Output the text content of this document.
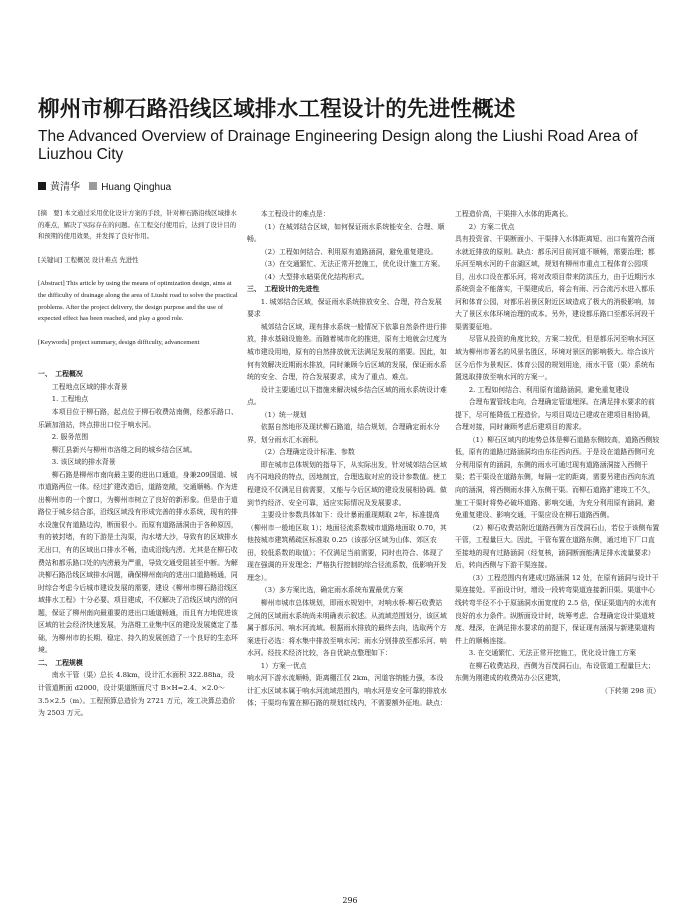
柳州市柳石路沿线区域排水工程设计的先进性概述
The Advanced Overview of Drainage Engineering Design along the Liushi Road Area of Liuzhou City
黄清华 Huang Qinghua

[摘　要] 本文通过采用优化设计方案的手段，针对柳石路沿线区域排水的难点，解决了实际存在的问题。在工程交付使用后，达到了设计目的和预期的使用效果，并发挥了良好作用。

[关键词] 工程概况 设计难点 先进性

[Abstract] This article by using the means of optimization design, aims at the difficulty of drainage along the area of Liushi road to solve the practical problems. After the project delivery, the design purpose and the use of expected effect has been reached, and play a good role.

[Keywords] project summary, design difficulty, advancement

一、　工程概况

工程地点区域的排水背景

1. 工程地点

本项目位于柳石路，起点位于柳石收费站南侧，经都乐路口、乐颖加油站，终点排出口位于响水河。

2. 服务范围

柳江县新兴与柳州市洛维之间的城乡结合区域。

3. 该区域的排水背景

柳石路是柳州市南向最主要的进出口通道，身兼209国道、城市道路两位一体。经过扩建改造后，道路宽敞，交通顺畅。作为进出柳州市的一个窗口，为柳州市树立了良好的新形象。但是由于道路位于城乡结合部，沿线区域没有形成完善的排水系统，现有的排水设施仅有道路边沟，断面很小。而原有道路涵洞由于各种原因，有的被封堵，有的下游是土沟渠，沟水堵大沙，导致有的区域排水无出口，有的区域出口排水不畅，造成沿线内涝。尤其是在柳石收费站和都乐路口处的内涝最为严重，导致交通受阻甚至中断。为解决柳石路沿线区域排水问题，确保柳州南向的进出口道路畅通，同时综合考虑今后城市建设发展的需要，建设《柳州市柳石路沿线区域排水工程》十分必要。项目建成，不仅解决了沿线区域内涝的问题，保证了柳州南向最重要的进出口通道畅通，而且有力地促进该区域的社会经济快速发展，为洛维工业集中区的建设发展奠定了基础，为柳州市的长期、稳定、持久的发展创造了一个良好的生态环境。

二、　工程规模

南水干管（渠）总长 4.8km，设计汇水面积 322.88ha，设计管道断面 d2000，设计渠道断面尺寸 B×H=2.4、×2.0～3.5×2.5（m）。工程预算总造价为 2721 万元，竣工决算总造价为 2503 万元。

本工程设计的难点是：

（1）在城郊结合区域，如何保证雨水系统能安全、合理、顺畅。

（2）工程如何结合、利用原有道路涵洞，避免重复建设。

（3）在交通繁忙、无法正常开挖施工，优化设计施工方案。

（4）大型排水暗渠优化结构形式。

三、　工程设计的先进性

1. 城郊结合区域，保证雨水系统排放安全、合理，符合发展要求

城郊结合区域，现有排水系统一般情况下依靠自然条件进行排放，排水基础设施差。而随着城市化的推进，原有土地就会过度为城市建设用地，原有的自然排放就无法满足发展的需要。因此，如何有效解决近期雨水排放，同时兼顾今后区域的发展，保证雨水系统的安全、合理，符合发展要求，成为了重点、难点。

设计主要通过以下措施来解决城乡结合区域的雨水系统设计难点。

（1）统一规划

依据自然地形及现状柳石路道，结合规划，合理确定雨水分界，划分雨水汇水面积。

（2）合理确定设计标准、参数

即在城市总体规划的指导下，从实际出发，针对城郊结合区域内不同地段的特点，因地制宜，合理选取对应的设计参数值。使工程建设不仅满足目前需要，又能与今后区域的建设发展相协调。做到节约经济、安全可靠，适应实际情况及发展要求。

主要设计参数具体如下：设计暴雨重现期取 2年，标准提高（柳州市一般地区取 1）；地面径流系数城市道路地面取 0.70，其他按城市建筑稀疏区标准取 0.25（该部分区域为山体、郊区农田，较低系数的取值）；不仅满足当前需要，同时也符合、体现了现在强调的开发理念；严格执行控制的综合径流系数，低影响开发理念）。

（3）多方案比选，确定雨水系统布置最优方案

柳州市城市总体规划，即雨水规划中，对响水桥-柳石收费站之间的区域雨水系统尚未明确表示叙述。从流域范围划分，该区域属于都乐河、响水河流域。根据雨水排放的最终去向，选取两个方案进行必选：将水集中排放至响水河；雨水分别排放至都乐河、响水河。经技术经济比较，各自优缺点整理如下：

1）方案一优点

响水河下游水流顺畅，距离棚江仅 2km，河道容纳能力强，本设计汇水区域本属于响水河流域范围内，响水河是安全可靠的排放水体；干渠均布置在柳石路的规划红线内，不需要额外征地。缺点：

工程造价高，干渠排入水体的距离长。

2）方案二优点

具有投资省、干渠断面小、干渠排入水体距离短、出口布置符合雨水就近排放的原则。缺点：都乐河目前河道不顺畅，需要治理；都乐河至响水河的千亩湖区域，规划有柳州市重点工程体育公园项目，出水口设在都乐河，将对改项目带来防洪压力，由于近期污水系统资金不能落实，干渠建成后，将会有雨、污合流污水进入都乐河和体育公园，对都乐岩景区附近区域造成了极大的消极影响，加大了景区水体环境治理的成本。另外，建设都乐路口至都乐河段干渠需要征地。

尽管从投资的角度比较，方案二较优，但是都乐河至响水河区域为柳州市著名的风景名胜区，环境对景区的影响极大。综合该片区今后作为景观区、体育公园的规划用途，雨水干管（渠）系统布置选取排放至响水河的方案一。

2. 工程如何结合、利用原有道路涵洞，避免重复建设

合理布置管线走向，合理确定管道埋深。在满足排水要求的前提下，尽可能降低工程造价。与项目周边已建或在建项目相协调，合理对接，同时兼顾考虑后建项目的需求。

（1）柳石区域内的地势总体是柳石道路东侧较高，道路西侧较低，原有的道路过路涵洞均由东往西向西。于是设在道路西侧可充分利用原有的涵洞，东侧的雨水可通过现有道路涵洞接入西侧干渠；若干渠设在道路东侧，每隔一定的距离，需要另建由西向东流向的涵洞，将西侧雨水排入东侧干渠。而柳石道路扩建竣工不久，施工干渠时将势必破坏道路、影响交通，为充分利用原有涵洞，避免重复建设、影响交通，干渠应设在柳石道路西侧。

（2）柳石收费站附近道路西侧为百茂洞石山，若位于该侧布置干管，工程量巨大。因此，干管布置在道路东侧，通过地下厂口直至接地的现有过路涵洞（经复核，涵洞断面能满足排水流量要求）后，转向西侧与下游干渠连接。

（3）工程范围内有建成过路涵洞 12 处，在原有涵洞与设计干渠连接处。平面设计时，增设一段转弯渠道连接新旧渠。渠道中心线转弯半径不小于原涵洞水面宽度的 2.5 倍，保证渠道内的水流有良好的水力条件。纵断面设计时，统筹考虑、合理确定设计渠道坡度、埋深，在满足排水要求的前提下，保证现有涵洞与新建渠道构件上的顺畅连接。

3. 在交通繁忙、无法正常开挖施工，优化设计施工方案

在柳石收费站段，西侧为百茂洞石山，布设管道工程量巨大；东侧为刚建成的收费站办公区建筑，

（下转第 298 页）

296
